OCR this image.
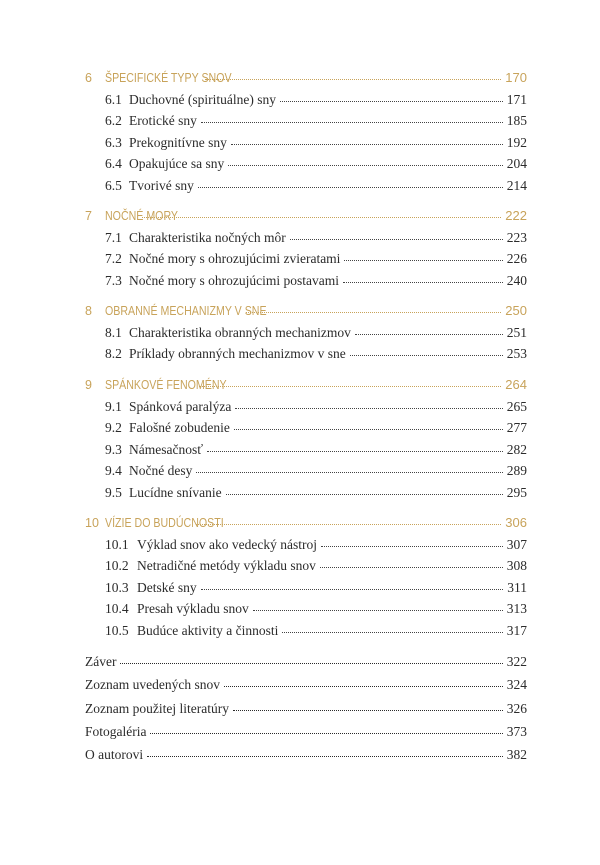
6	ŠPECIFICKÉ TYPY SNOV	170
6.1 Duchovné (spirituálne) sny	171
6.2 Erotické sny	185
6.3 Prekognitívne sny	192
6.4 Opakujúce sa sny	204
6.5 Tvorivé sny	214
7	NOČNÉ MORY	222
7.1 Charakteristika nočných môr	223
7.2 Nočné mory s ohrozujúcimi zvieratami	226
7.3 Nočné mory s ohrozujúcimi postavami	240
8	OBRANNÉ MECHANIZMY V SNE	250
8.1 Charakteristika obranných mechanizmov	251
8.2 Príklady obranných mechanizmov v sne	253
9	SPÁNKOVÉ FENOMÉNY	264
9.1 Spánková paralýza	265
9.2 Falošné zobudenie	277
9.3 Námesačnosť	282
9.4 Nočné desy	289
9.5 Lucídne snívanie	295
10 VÍZIE DO BUDÚCNOSTI	306
10.1 Výklad snov ako vedecký nástroj	307
10.2 Netradičné metódy výkladu snov	308
10.3 Detské sny	311
10.4 Presah výkladu snov	313
10.5 Budúce aktivity a činnosti	317
Záver	322
Zoznam uvedených snov	324
Zoznam použitej literatúry	326
Fotogaléria	373
O autorovi	382
